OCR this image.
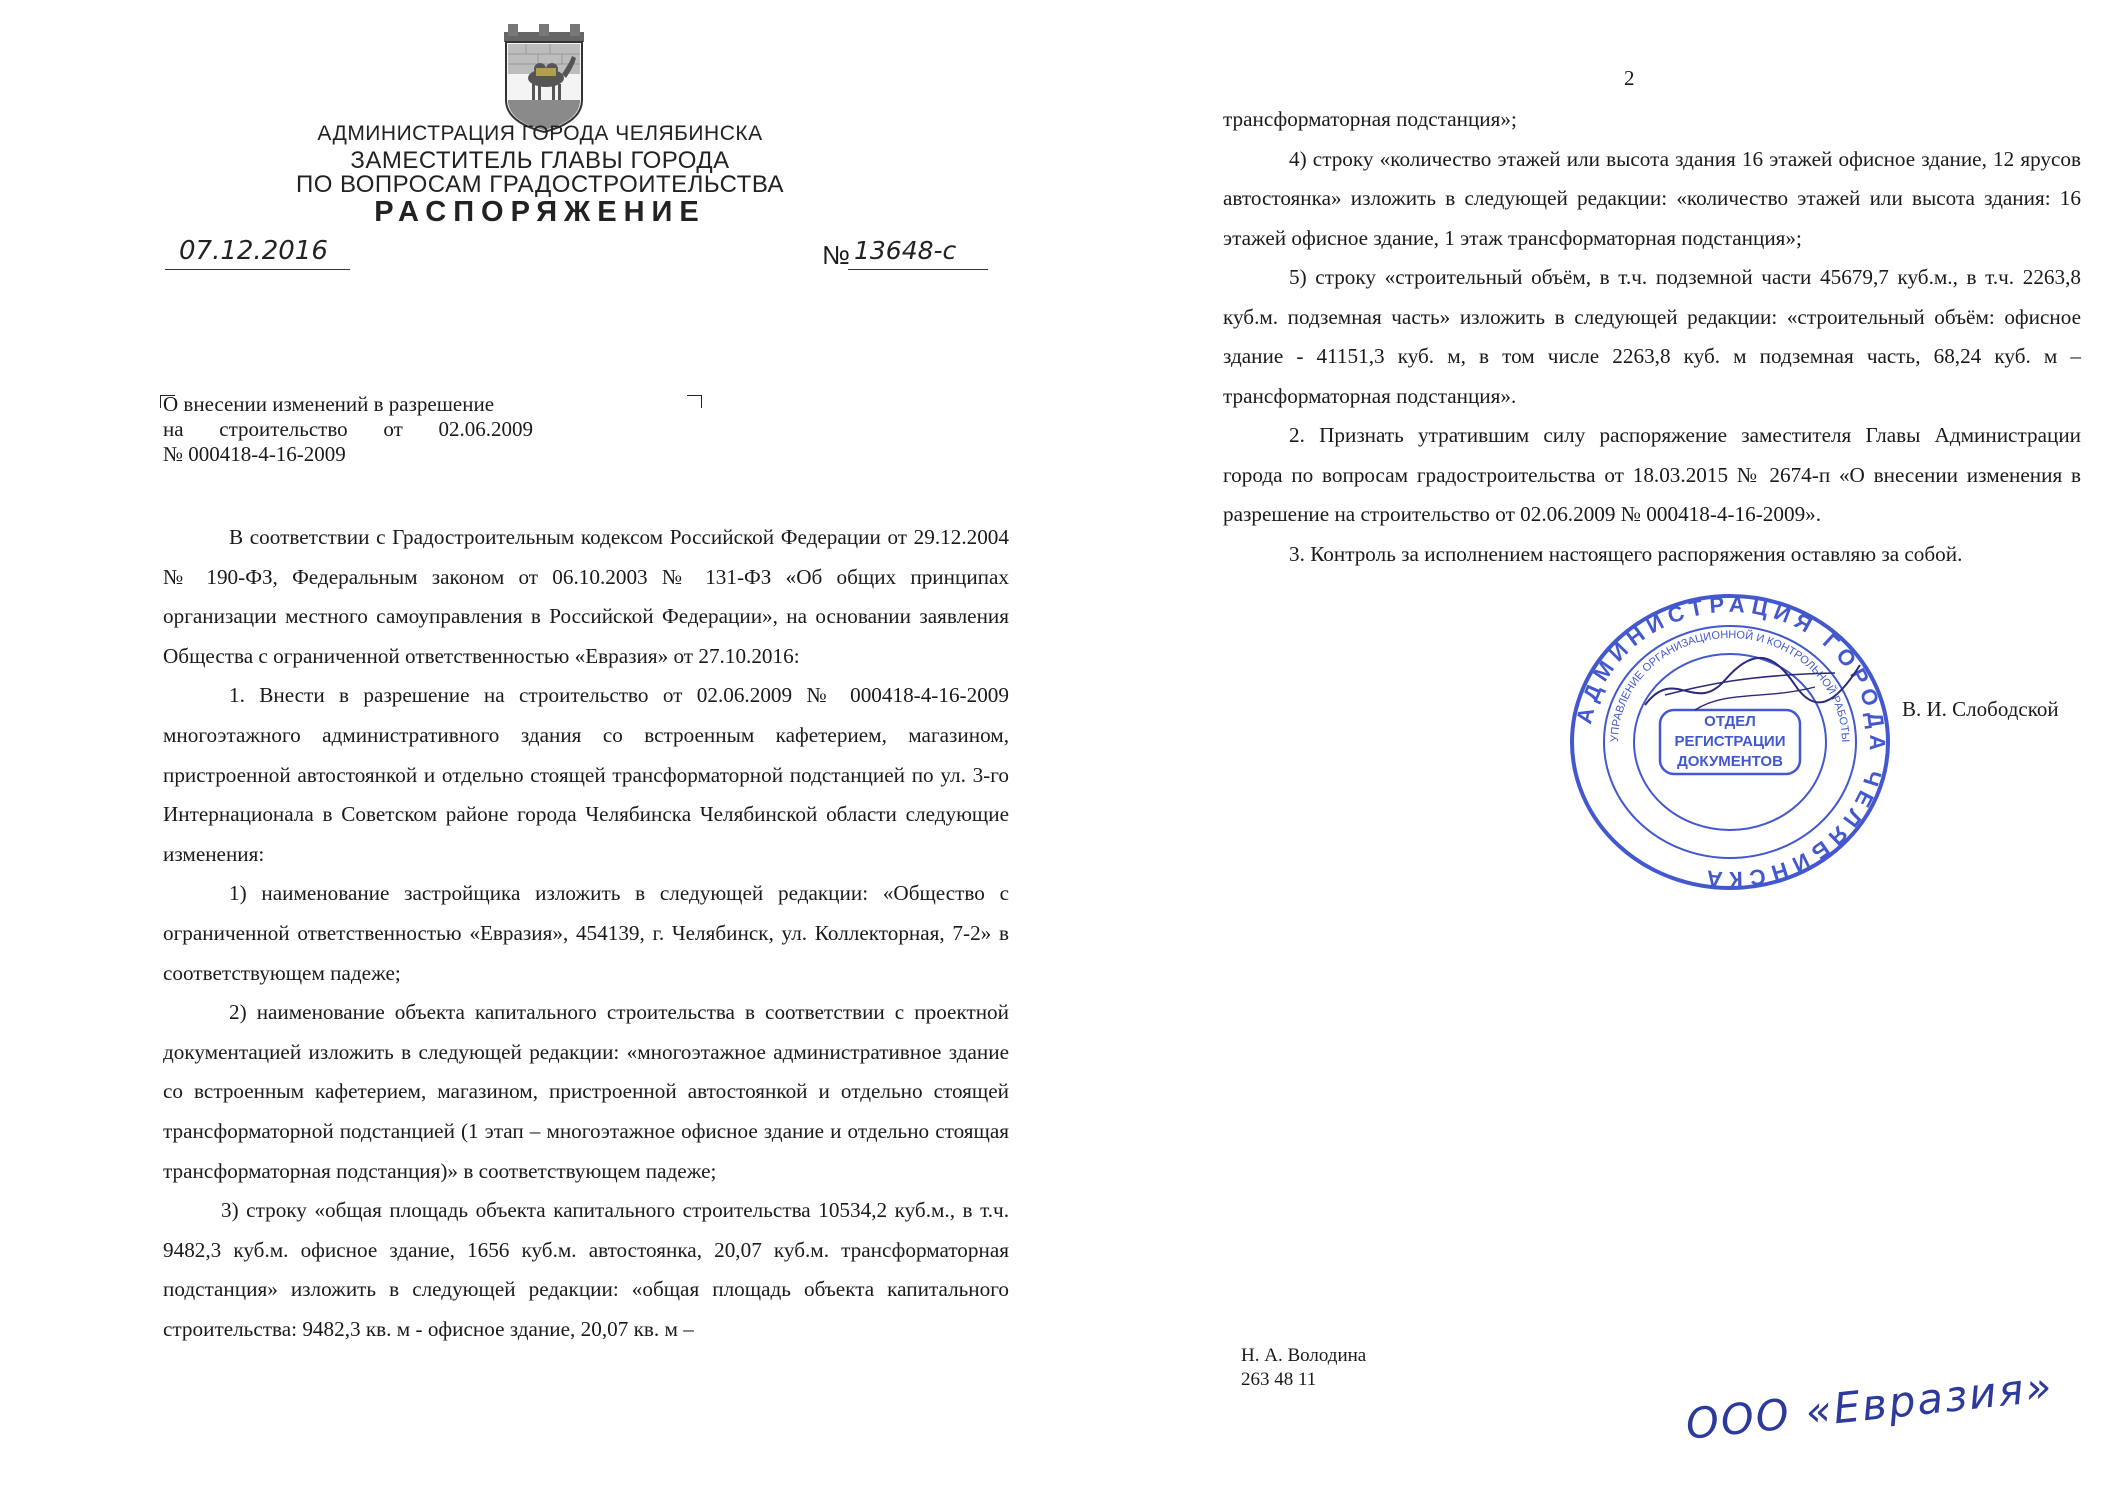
АДМИНИСТРАЦИЯ ГОРОДА ЧЕЛЯБИНСКА
ЗАМЕСТИТЕЛЬ ГЛАВЫ ГОРОДА
ПО ВОПРОСАМ ГРАДОСТРОИТЕЛЬСТВА
РАСПОРЯЖЕНИЕ
07.12.2016	№ 13648-с
О внесении изменений в разрешение
на строительство от 02.06.2009
№ 000418-4-16-2009

В соответствии с Градостроительным кодексом Российской Федерации от 29.12.2004 № 190-ФЗ, Федеральным законом от 06.10.2003 № 131-ФЗ «Об общих принципах организации местного самоуправления в Российской Федерации», на основании заявления Общества с ограниченной ответственностью «Евразия» от 27.10.2016:

1. Внести в разрешение на строительство от 02.06.2009 № 000418-4-16-2009 многоэтажного административного здания со встроенным кафетерием, магазином, пристроенной автостоянкой и отдельно стоящей трансформаторной подстанцией по ул. 3-го Интернационала в Советском районе города Челябинска Челябинской области следующие изменения:

1) наименование застройщика изложить в следующей редакции: «Общество с ограниченной ответственностью «Евразия», 454139, г. Челябинск, ул. Коллекторная, 7-2» в соответствующем падеже;

2) наименование объекта капитального строительства в соответствии с проектной документацией изложить в следующей редакции: «многоэтажное административное здание со встроенным кафетерием, магазином, пристроенной автостоянкой и отдельно стоящей трансформаторной подстанцией (1 этап – многоэтажное офисное здание и отдельно стоящая трансформаторная подстанция)» в соответствующем падеже;

3) строку «общая площадь объекта капитального строительства 10534,2 куб.м., в т.ч. 9482,3 куб.м. офисное здание, 1656 куб.м. автостоянка, 20,07 куб.м. трансформаторная подстанция» изложить в следующей редакции: «общая площадь объекта капитального строительства: 9482,3 кв. м - офисное здание, 20,07 кв. м –

2

трансформаторная подстанция»;

4) строку «количество этажей или высота здания 16 этажей офисное здание, 12 ярусов автостоянка» изложить в следующей редакции: «количество этажей или высота здания: 16 этажей офисное здание, 1 этаж трансформаторная подстанция»;

5) строку «строительный объём, в т.ч. подземной части 45679,7 куб.м., в т.ч. 2263,8 куб.м. подземная часть» изложить в следующей редакции: «строительный объём: офисное здание - 41151,3 куб. м, в том числе 2263,8 куб. м подземная часть, 68,24 куб. м – трансформаторная подстанция».

2. Признать утратившим силу распоряжение заместителя Главы Администрации города по вопросам градостроительства от 18.03.2015 № 2674-п «О внесении изменения в разрешение на строительство от 02.06.2009 № 000418-4-16-2009».

3. Контроль за исполнением настоящего распоряжения оставляю за собой.

АДМИНИСТРАЦИЯ ГОРОДА ЧЕЛЯБИНСКА
УПРАВЛЕНИЕ ОРГАНИЗАЦИОННОЙ И КОНТРОЛЬНОЙ РАБОТЫ
ОТДЕЛ РЕГИСТРАЦИИ ДОКУМЕНТОВ
В. И. Слободской
Н. А. Володина
263 48 11	ООО «Евразия»
